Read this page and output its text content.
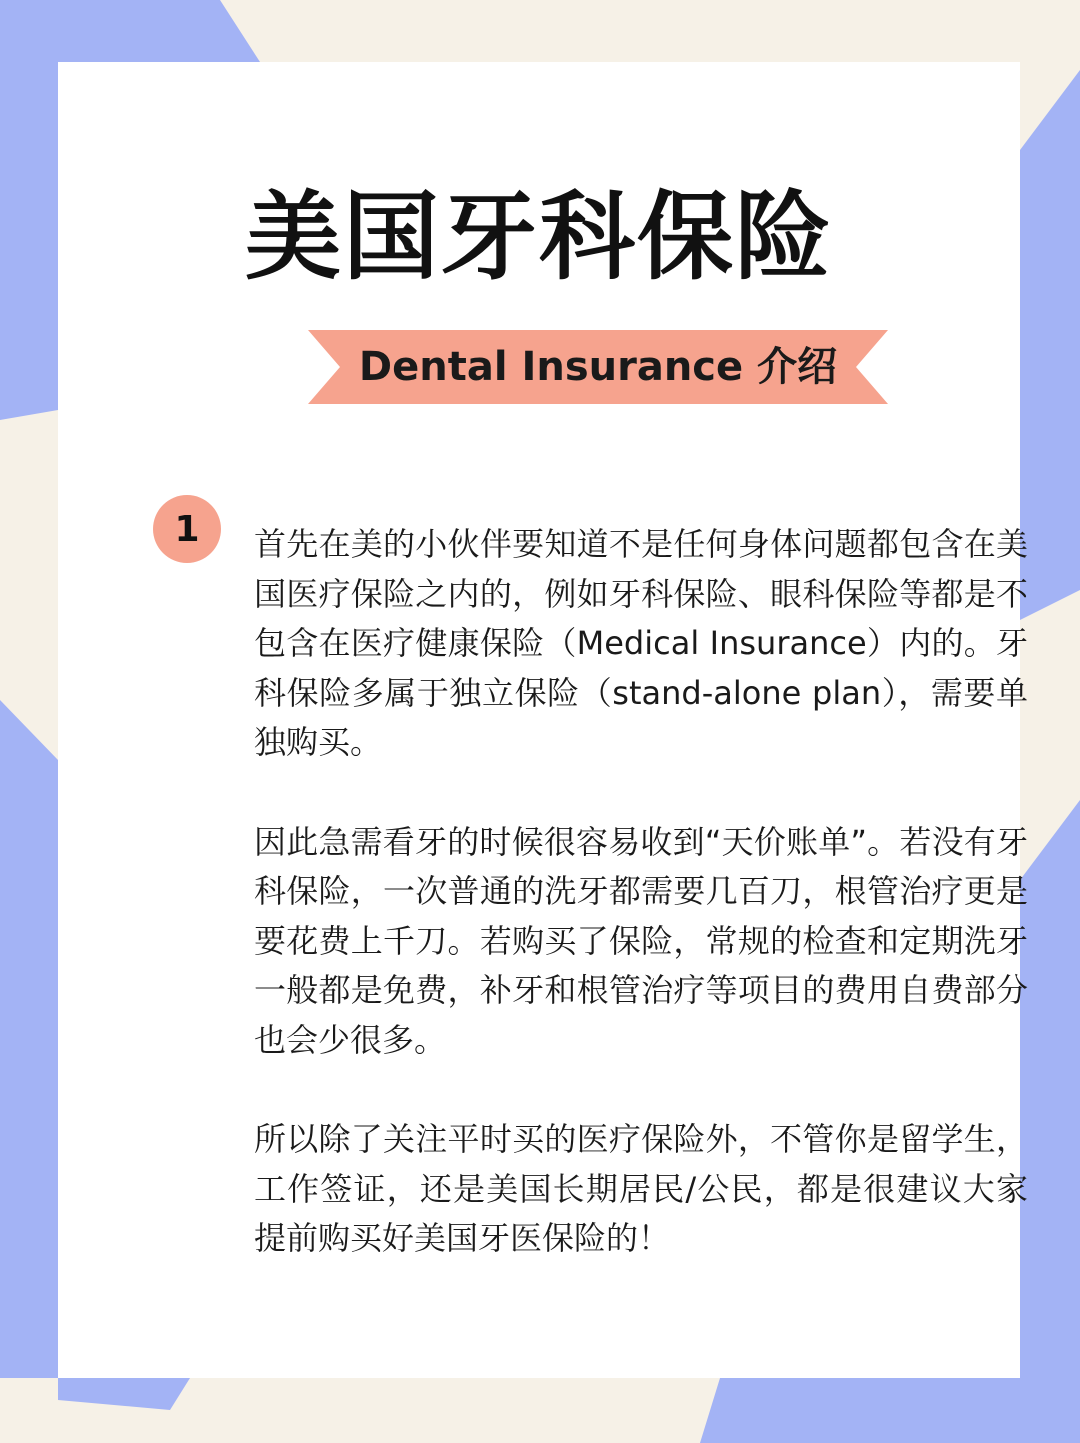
美国牙科保险
Dental Insurance 介绍
1	首先在美的小伙伴要知道不是任何身体问题都包含在美国医疗保险之内的，例如牙科保险、眼科保险等都是不包含在医疗健康保险（Medical Insurance）内的。牙科保险多属于独立保险（stand-alone plan），需要单独购买。

因此急需看牙的时候很容易收到“天价账单”。若没有牙科保险，一次普通的洗牙都需要几百刀，根管治疗更是要花费上千刀。若购买了保险，常规的检查和定期洗牙一般都是免费，补牙和根管治疗等项目的费用自费部分也会少很多。

所以除了关注平时买的医疗保险外，不管你是留学生，工作签证，还是美国长期居民/公民，都是很建议大家提前购买好美国牙医保险的！
